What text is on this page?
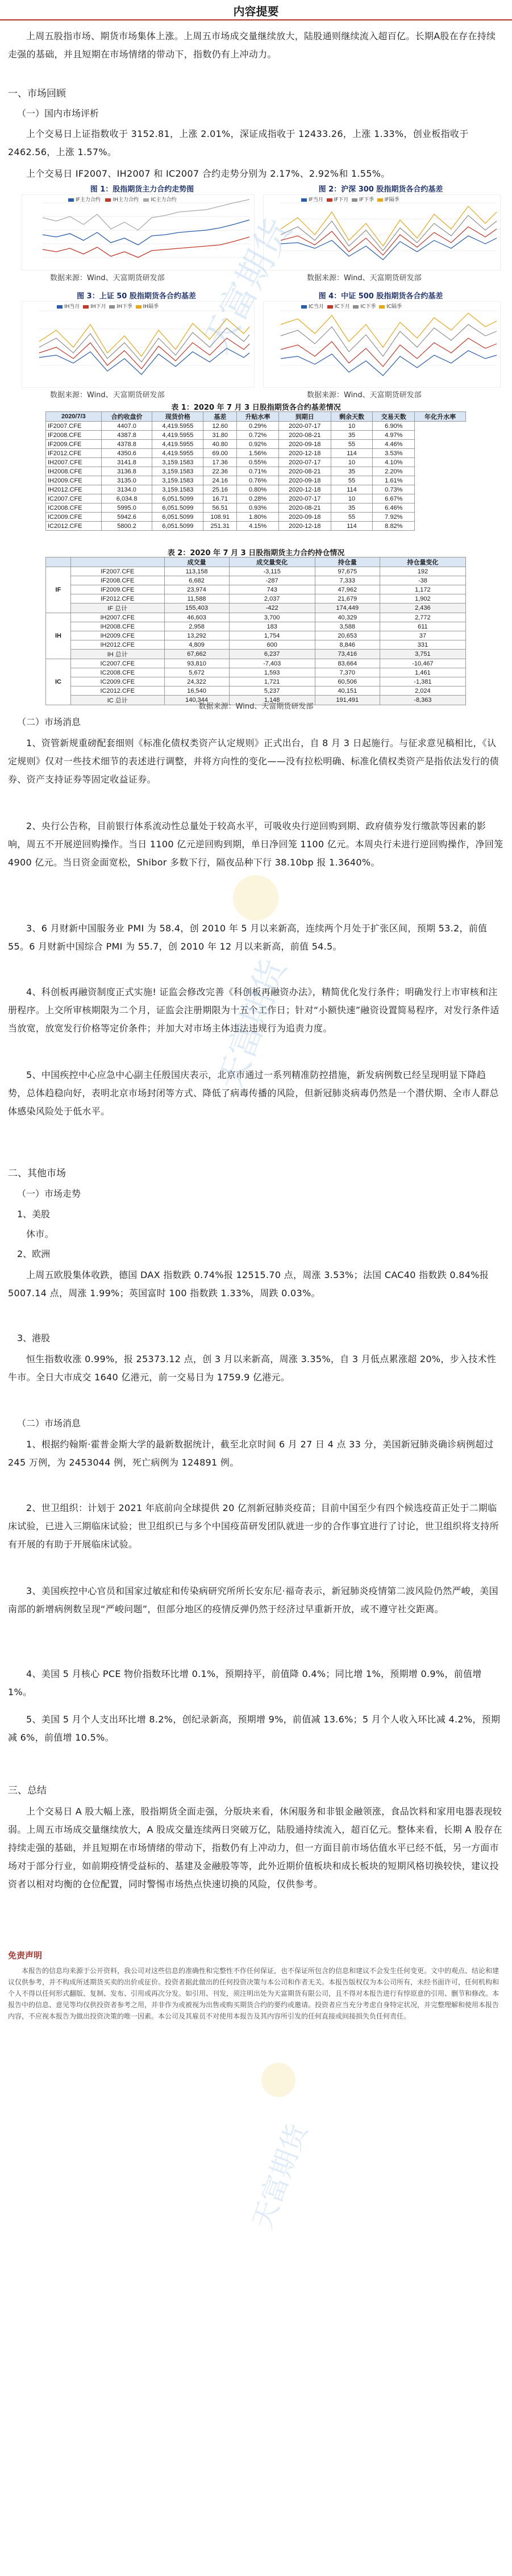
内容提要
上周五股指市场、期货市场集体上涨。上周五市场成交量继续放大，陆股通则继续流入超百亿。长期A股在存在持续走强的基础，并且短期在市场情绪的带动下，指数仍有上冲动力。
一、市场回顾
（一）国内市场评析
上个交易日上证指数收于 3152.81，上涨 2.01%，深证成指收于 12433.26，上涨 1.33%，创业板指收于 2462.56，上涨 1.57%。
上个交易日 IF2007、IH2007 和 IC2007 合约走势分别为 2.17%、2.92%和 1.55%。
图 1：股指期货主力合约走势图
IF主力合约 IH主力合约 IC主力合约
数据来源：Wind、天富期货研发部
图 2：沪深 300 股指期货各合约基差
IF当月 IF下月 IF下季 IF隔季
数据来源：Wind、天富期货研发部
图 3：上证 50 股指期货各合约基差
IH当月 IH下月 IH下季 IH隔季
数据来源：Wind、天富期货研发部
图 4：中证 500 股指期货各合约基差
IC当月 IC下月 IC下季 IC隔季
数据来源：Wind、天富期货研发部
表 1：2020 年 7 月 3 日股指期货各合约基差情况
2020/7/3	合约收盘价	现货价格	基差	升贴水率	到期日	剩余天数	交易天数	年化升水率
IF2007.CFE	4407.0	4,419.5955	12.60	0.29%	2020-07-17	10	6.90%	
IF2008.CFE	4387.8	4,419.5955	31.80	0.72%	2020-08-21	35	4.97%	
IF2009.CFE	4378.8	4,419.5955	40.80	0.92%	2020-09-18	55	4.46%	
IF2012.CFE	4350.6	4,419.5955	69.00	1.56%	2020-12-18	114	3.53%	
IH2007.CFE	3141.8	3,159.1583	17.36	0.55%	2020-07-17	10	4.10%	
IH2008.CFE	3136.8	3,159.1583	22.36	0.71%	2020-08-21	35	2.20%	
IH2009.CFE	3135.0	3,159.1583	24.16	0.76%	2020-09-18	55	1.61%	
IH2012.CFE	3134.0	3,159.1583	25.16	0.80%	2020-12-18	114	0.73%	
IC2007.CFE	6,034.8	6,051.5099	16.71	0.28%	2020-07-17	10	6.67%	
IC2008.CFE	5995.0	6,051.5099	56.51	0.93%	2020-08-21	35	6.46%	
IC2009.CFE	5942.6	6,051.5099	108.91	1.80%	2020-09-18	55	7.92%	
IC2012.CFE	5800.2	6,051.5099	251.31	4.15%	2020-12-18	114	8.82%	
表 2：2020 年 7 月 3 日股指期货主力合约持仓情况
		成交量	成交量变化	持仓量	持仓量变化
IF	IF2007.CFE	113,158	-3,115	97,675	192
	IF2008.CFE	6,682	-287	7,333	-38
	IF2009.CFE	23,974	743	47,962	1,172
	IF2012.CFE	11,588	2,037	21,679	1,902
	IF 总计	155,403	-422	174,449	2,436
IH	IH2007.CFE	46,603	3,700	40,329	2,772
	IH2008.CFE	2,958	183	3,588	611
	IH2009.CFE	13,292	1,754	20,653	37
	IH2012.CFE	4,809	600	8,846	331
	IH 总计	67,662	6,237	73,416	3,751
IC	IC2007.CFE	93,810	-7,403	83,664	-10,467
	IC2008.CFE	5,672	1,593	7,370	1,461
	IC2009.CFE	24,322	1,721	60,506	-1,381
	IC2012.CFE	16,540	5,237	40,151	2,024
	IC 总计	140,344	1,148	191,491	-8,363
数据来源：Wind、天富期货研发部
（二）市场消息
1、资管新规重磅配套细则《标准化债权类资产认定规则》正式出台，自 8 月 3 日起施行。与征求意见稿相比，《认定规则》仅对一些技术细节的表述进行调整，并将方向性的变化——没有拉松明确、标准化债权类资产是指依法发行的债券、资产支持证券等固定收益证券。
2、央行公告称，目前银行体系流动性总量处于较高水平，可吸收央行逆回购到期、政府债券发行缴款等因素的影响，周五不开展逆回购操作。当日 1100 亿元逆回购到期，单日净回笼 1100 亿元。本周央行未进行逆回购操作，净回笼 4900 亿元。当日资金面宽松，Shibor 多数下行，隔夜品种下行 38.10bp 报 1.3640%。
3、6 月财新中国服务业 PMI 为 58.4，创 2010 年 5 月以来新高，连续两个月处于扩张区间，预期 53.2，前值 55。6 月财新中国综合 PMI 为 55.7，创 2010 年 12 月以来新高，前值 54.5。
4、科创板再融资制度正式实施! 证监会修改完善《科创板再融资办法》，精简优化发行条件；明确发行上市审核和注册程序。上交所审核期限为二个月，证监会注册期限为十五个工作日；针对“小额快速”融资设置简易程序，对发行条件适当放宽，放宽发行价格等定价条件；并加大对市场主体违法违规行为追责力度。
5、中国疾控中心应急中心副主任殷国庆表示，北京市通过一系列精准防控措施，新发病例数已经呈现明显下降趋势，总体趋稳向好，表明北京市场封闭等方式、降低了病毒传播的风险，但新冠肺炎病毒仍然是一个潜伏期、全市人群总体感染风险处于低水平。
二、其他市场
（一）市场走势
1、美股
休市。
2、欧洲
上周五欧股集体收跌，德国 DAX 指数跌 0.74%报 12515.70 点，周涨 3.53%；法国 CAC40 指数跌 0.84%报 5007.14 点，周涨 1.99%；英国富时 100 指数跌 1.33%，周跌 0.03%。
3、港股
恒生指数收涨 0.99%，报 25373.12 点，创 3 月以来新高，周涨 3.35%，自 3 月低点累涨超 20%，步入技术性牛市。全日大市成交 1640 亿港元，前一交易日为 1759.9 亿港元。
（二）市场消息
1、根据约翰斯·霍普金斯大学的最新数据统计，截至北京时间 6 月 27 日 4 点 33 分，美国新冠肺炎确诊病例超过 245 万例，为 2453044 例，死亡病例为 124891 例。
2、世卫组织：计划于 2021 年底前向全球提供 20 亿剂新冠肺炎疫苗；目前中国至少有四个候选疫苗正处于二期临床试验，已进入三期临床试验；世卫组织已与多个中国疫苗研发团队就进一步的合作事宜进行了讨论，世卫组织将支持所有开展的有助于开展临床试验。
3、美国疾控中心官员和国家过敏症和传染病研究所所长安东尼·福奇表示，新冠肺炎疫情第二波风险仍然严峻，美国南部的新增病例数呈现“严峻问题”，但部分地区的疫情反弹仍然于经济过早重新开放，或不遵守社交距离。
4、美国 5 月核心 PCE 物价指数环比增 0.1%，预期持平，前值降 0.4%；同比增 1%，预期增 0.9%，前值增 1%。
5、美国 5 月个人支出环比增 8.2%，创纪录新高，预期增 9%，前值减 13.6%；5 月个人收入环比减 4.2%，预期减 6%，前值增 10.5%。
三、总结
上个交易日 A 股大幅上涨，股指期货全面走强，分版块来看，休闲服务和非银金融领涨，食品饮料和家用电器表现较弱。上周五市场成交量继续放大，A 股成交量连续两日突破万亿，陆股通持续流入，超百亿元。整体来看，长期 A 股存在持续走强的基础，并且短期在市场情绪的带动下，指数仍有上冲动力，但一方面目前市场估值水平已经不低，另一方面市场对于部分行业，如前期疫情受益标的、基建及金融股等等，此外近期价值板块和成长板块的短期风格切换较快，建议投资者以相对均衡的仓位配置，同时警惕市场热点快速切换的风险，仅供参考。
免责声明
本报告的信息均来源于公开资料，我公司对这些信息的准确性和完整性不作任何保证，也不保证所包含的信息和建议不会发生任何变更。文中的观点、结论和建议仅供参考，并不构成所述期货买卖的出价或征价。投资者据此做出的任何投资决策与本公司和作者无关。本报告版权仅为本公司所有，未经书面许可，任何机构和个人不得以任何形式翻版、复制、发布、引用或再次分发。如引用、刊发，须注明出处为天富期货有限公司，且不得对本报告进行有悖原意的引用、删节和修改。本报告中的信息、意见等均仅供投资者参考之用，并非作为或被视为出售或购买期货合约的要约或邀请。投资者应当充分考虑自身特定状况，并完整理解和使用本报告内容，不应视本报告为做出投资决策的唯一因素。本公司及其雇员不对使用本报告及其内容所引发的任何直接或间接损失负任何责任。
天富期货
天富期货
天富期货
